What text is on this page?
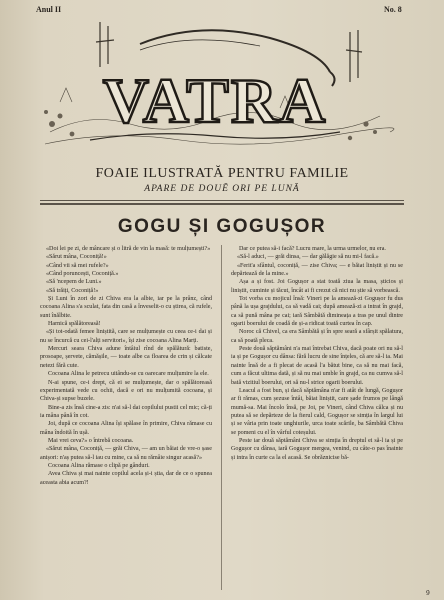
Anul II	No. 8
VATRA
FOAIE ILUSTRATĂ PENTRU FAMILIE
APARE DE DOUĔ ORI PE LUNĂ
GOGU ȘI GOGUȘOR

«Doi lei pe zi, de mâncare și o litră de vin la masă: te mulțumești?»

«Sărut mâna, Coconiță!»

«Când vii să mei rufele?»

«Când poruncești, Coconiță.»

«Să 'ncepem de Luni.»

«Să trăiți, Coconiță!»

Și Luni în zori de zi Chiva era la albie, iar pe la prânz, când cocoana Alina s'a sculat, fata din casă a înveselit-o cu știrea, că rufele, sunt înălbite.

Harnică spălătoreasă!

«Și tot-odată femee liniștită, care se mulțumește cu ceea ce-i dai și nu se încurcă cu cei-l'alți servitori», își zise cocoana Alina Marți.

Mercuri seara Chiva adune întâiul rînd de spălătură: batiste, prosoape, șervete, cămășile, — toate albe ca floarea de crin și călcate netezi fără cute.

Cocoana Alina le petrecu uitându-se cu oarecare mulțumire la ele.

N-ai spune, ce-i drept, că ei se mulțumește, dar o spălătoreasă experimentată vede cu ochii, dacă e ori nu mulțumită cocoana, și Chiva-și supse buzele.

Bine-a zis însă cine-a zis: n'ai să-l dai copilului pustii cel mic; că-ți ia mâna până în cot.

Joi, după ce cocoana Alina își spălase în primire, Chiva rămase cu mâna îndoită în ușă.

Mai vrei ceva?» o întrebă cocoana.

«Sărut mâna, Coconiță, — grăi Chiva, — am un băiat de vre-o șase anișori: n'aș putea să-l iau cu mine, ca să nu rămâie singur acasă?»

Cocoana Alina rămase o clipă pe gânduri.

Avea Chiva și mai nainte copilul acela și-i știa, dar de ce o spunea aceasta abia acum?!

Dar ce putea să-i facă? Lucru mare, la urma urmelor, nu era.

«Să-l aduci, — grăi dinsa, — dar gălăgie să nu mi-l facă.»

«Ferit'a sfântul, coconiță, — zise Chiva; — e băiat liniștit și nu se depărtează de la mine.»

Așa a și fost. Joi Gogușor a stat toată ziua la masa, șticios și liniștit, cuminte și tăcut, încât ai fi crezut că nici nu știe să vorbească.

Tot vorba cu mojicul însă: Vineri pe la amează-zi Gogușor fu dus până la ușa grajdului, ca să vadă cai; după amează-zi a intrat în grajd, ca să pună mâna pe cai; iară Sâmbătă dimineața a tras pe unul dintre ogarii boerului de coadă de și-a ridicat toată curtea în cap.

Noroc că Chivel, ca era Sâmbătă și în spre seară a sfârșit spălatura, ca să poată pleca.

Peste două săptămâni n'a mai întrebat Chiva, dacă poate ori nu să-l ia și pe Gogușor cu dânsa: fără lucru de sine înțeles, că are să-l ia. Mai nainte însă de a fi plecat de acasă l'a bătut bine, ca să nu mai facă, cum a făcut ultima dată, și să nu mai umble în grajd, ca nu cumva să-l bată vizitiul boerului, ori să nu-l strice ogarii boerului.

Leacul a fost bun, și dacă săptămâna n'ar fi atât de lungă, Gogușor ar fi rămas, cum șezuse întâi, băiat liniștit, care șade frumos pe lângă mumă-sa. Mai încolo însă, pe Joi, pe Vineri, când Chiva călca și nu putea să se depărteze de la fierul cald, Gogușor se simția în largul lui și se vâria prin toate unghiurile, urca toate scările, ba Sâmbătă Chiva se pomeni cu el în vârful coteșului.

Peste iar două săptămâni Chiva se simția în dreptul ei să-l ia și pe Gogușor cu dânsa, iară Gogușor mergea, venind, cu câte-o pas înainte și intra în curte ca la el acasă. Se obrăznicise bă-

9
